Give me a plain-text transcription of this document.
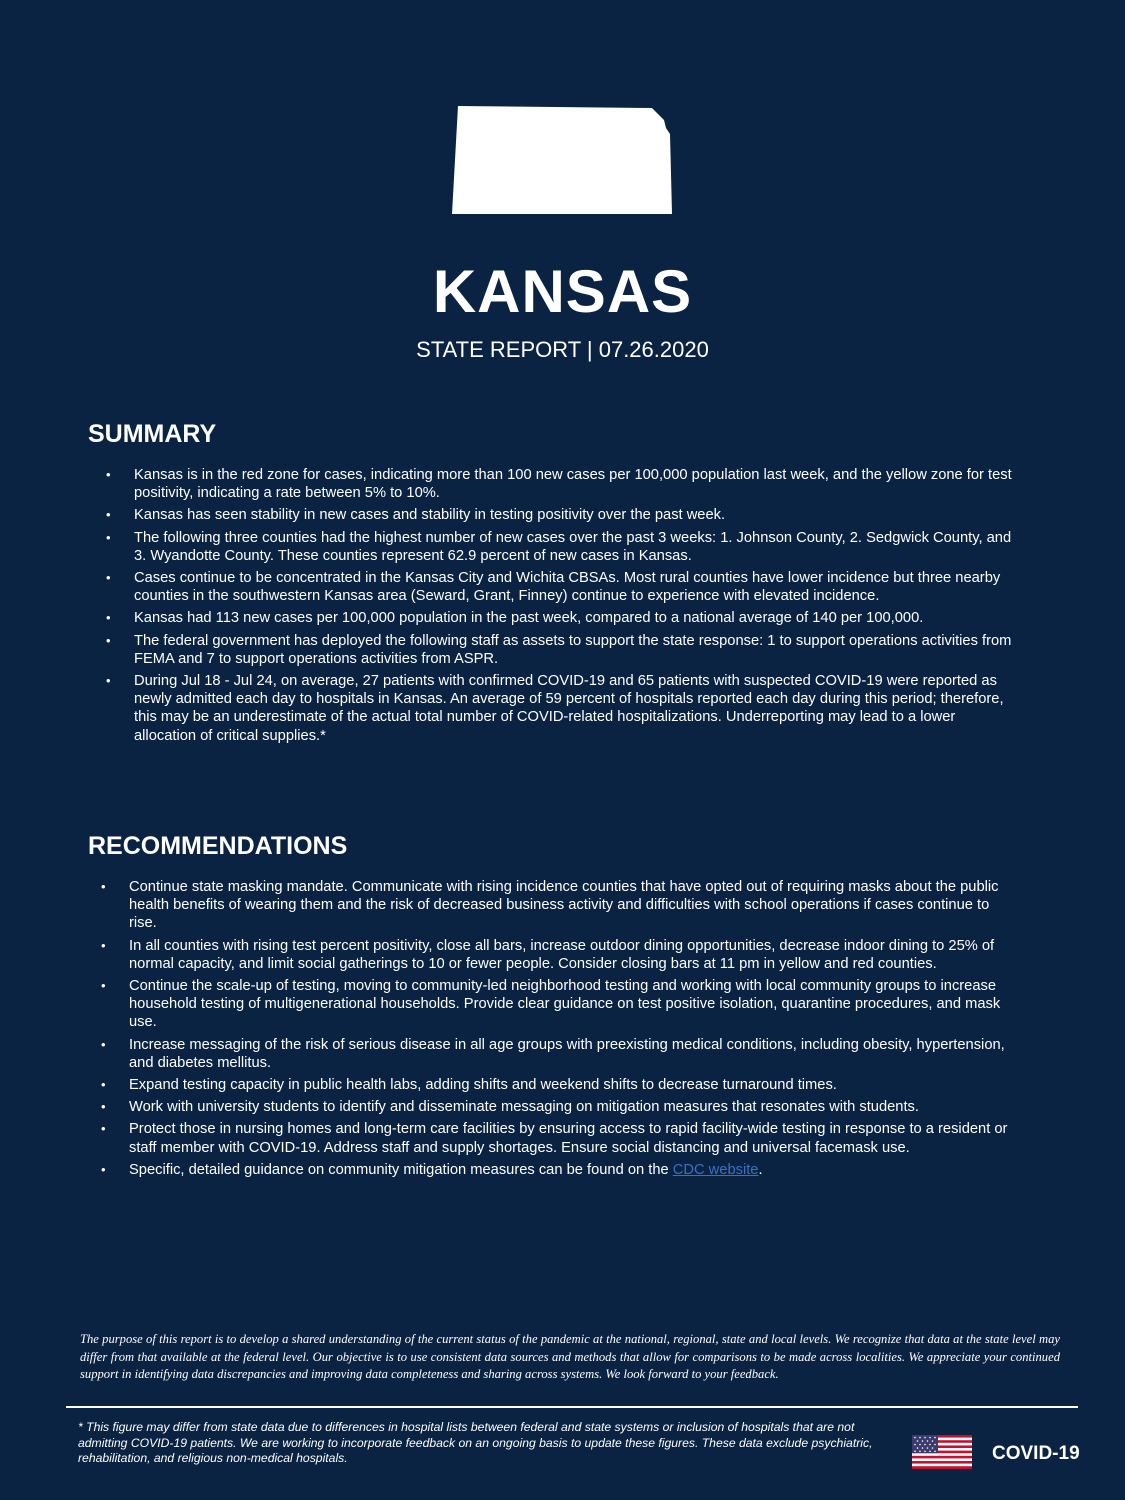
KANSAS
STATE REPORT | 07.26.2020
SUMMARY
• Kansas is in the red zone for cases, indicating more than 100 new cases per 100,000 population last week, and the yellow zone for test positivity, indicating a rate between 5% to 10%.
• Kansas has seen stability in new cases and stability in testing positivity over the past week.
• The following three counties had the highest number of new cases over the past 3 weeks: 1. Johnson County, 2. Sedgwick County, and 3. Wyandotte County. These counties represent 62.9 percent of new cases in Kansas.
• Cases continue to be concentrated in the Kansas City and Wichita CBSAs. Most rural counties have lower incidence but three nearby counties in the southwestern Kansas area (Seward, Grant, Finney) continue to experience with elevated incidence.
• Kansas had 113 new cases per 100,000 population in the past week, compared to a national average of 140 per 100,000.
• The federal government has deployed the following staff as assets to support the state response: 1 to support operations activities from FEMA and 7 to support operations activities from ASPR.
• During Jul 18 - Jul 24, on average, 27 patients with confirmed COVID-19 and 65 patients with suspected COVID-19 were reported as newly admitted each day to hospitals in Kansas. An average of 59 percent of hospitals reported each day during this period; therefore, this may be an underestimate of the actual total number of COVID-related hospitalizations. Underreporting may lead to a lower allocation of critical supplies.*
RECOMMENDATIONS
• Continue state masking mandate. Communicate with rising incidence counties that have opted out of requiring masks about the public health benefits of wearing them and the risk of decreased business activity and difficulties with school operations if cases continue to rise.
• In all counties with rising test percent positivity, close all bars, increase outdoor dining opportunities, decrease indoor dining to 25% of normal capacity, and limit social gatherings to 10 or fewer people. Consider closing bars at 11 pm in yellow and red counties.
• Continue the scale-up of testing, moving to community-led neighborhood testing and working with local community groups to increase household testing of multigenerational households. Provide clear guidance on test positive isolation, quarantine procedures, and mask use.
• Increase messaging of the risk of serious disease in all age groups with preexisting medical conditions, including obesity, hypertension, and diabetes mellitus.
• Expand testing capacity in public health labs, adding shifts and weekend shifts to decrease turnaround times.
• Work with university students to identify and disseminate messaging on mitigation measures that resonates with students.
• Protect those in nursing homes and long-term care facilities by ensuring access to rapid facility-wide testing in response to a resident or staff member with COVID-19. Address staff and supply shortages. Ensure social distancing and universal facemask use.
• Specific, detailed guidance on community mitigation measures can be found on the CDC website.

The purpose of this report is to develop a shared understanding of the current status of the pandemic at the national, regional, state and local levels. We recognize that data at the state level may differ from that available at the federal level. Our objective is to use consistent data sources and methods that allow for comparisons to be made across localities. We appreciate your continued support in identifying data discrepancies and improving data completeness and sharing across systems. We look forward to your feedback.

* This figure may differ from state data due to differences in hospital lists between federal and state systems or inclusion of hospitals that are not admitting COVID-19 patients. We are working to incorporate feedback on an ongoing basis to update these figures. These data exclude psychiatric, rehabilitation, and religious non-medical hospitals.	COVID-19
